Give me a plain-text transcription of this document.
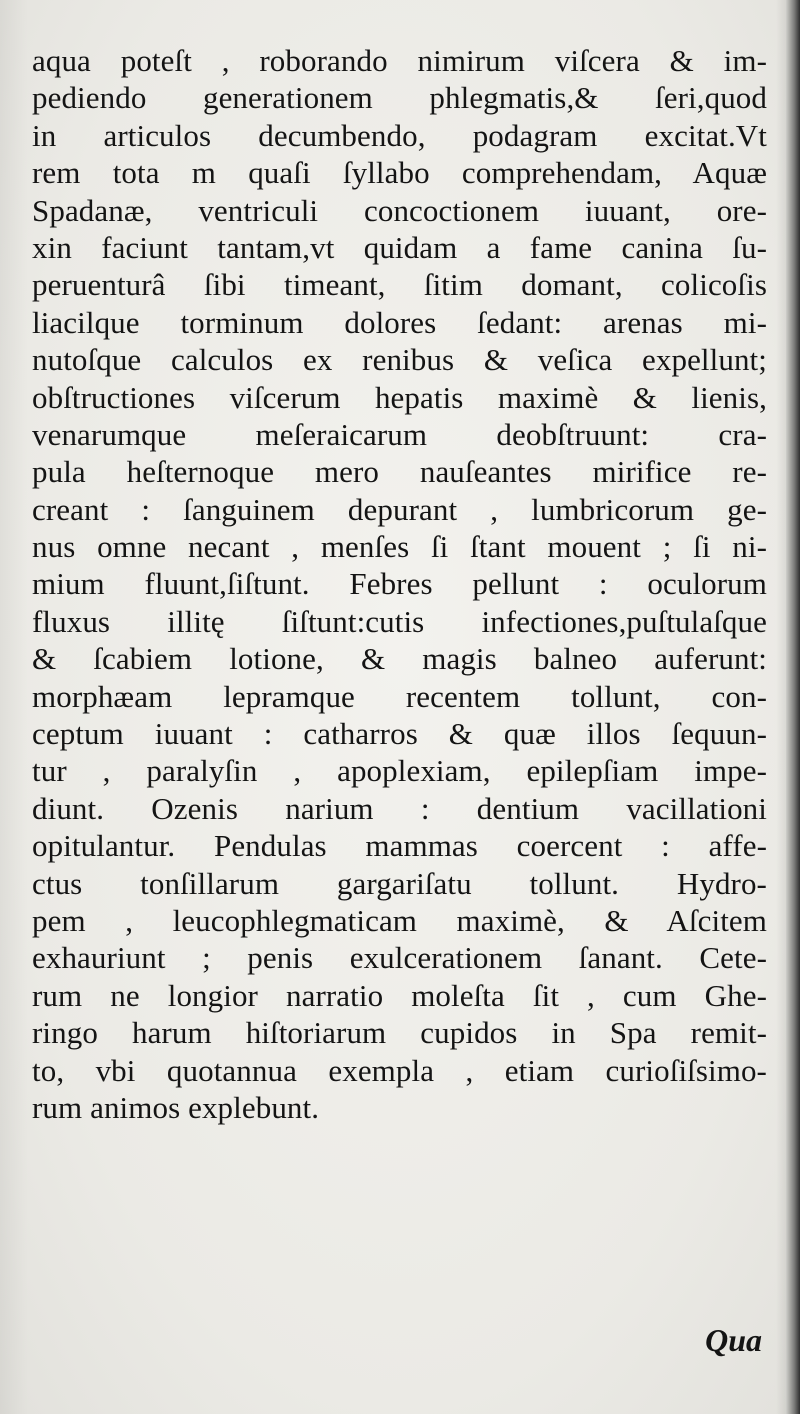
aqua poteſt , roborando nimirum viſcera & im-
pediendo generationem phlegmatis,& ſeri,quod
in articulos decumbendo, podagram excitat.Vt
rem tota m quaſi ſyllabo comprehendam, Aquæ
Spadanæ, ventriculi concoctionem iuuant, ore-
xin faciunt tantam,vt quidam a fame canina ſu-
peruenturâ ſibi timeant, ſitim domant, colicoſis
liacilque torminum dolores ſedant: arenas mi-
nutoſque calculos ex renibus & veſica expellunt;
obſtructiones viſcerum hepatis maximè & lienis,
venarumque meſeraicarum deobſtruunt: cra-
pula heſternoque mero nauſeantes mirifice re-
creant : ſanguinem depurant , lumbricorum ge-
nus omne necant , menſes ſi ſtant mouent ; ſi ni-
mium fluunt,ſiſtunt. Febres pellunt : oculorum
fluxus illitę ſiſtunt:cutis infectiones,puſtulaſque
& ſcabiem lotione, & magis balneo auferunt:
morphæam lepramque recentem tollunt, con-
ceptum iuuant : catharros & quæ illos ſequun-
tur , paralyſin , apoplexiam, epilepſiam impe-
diunt. Ozenis narium : dentium vacillationi
opitulantur. Pendulas mammas coercent : affe-
ctus tonſillarum gargariſatu tollunt. Hydro-
pem , leucophlegmaticam maximè, & Aſcitem
exhauriunt ; penis exulcerationem ſanant. Cete-
rum ne longior narratio moleſta ſit , cum Ghe-
ringo harum hiſtoriarum cupidos in Spa remit-
to, vbi quotannua exempla , etiam curioſiſsimo-
rum animos explebunt.
Qua
